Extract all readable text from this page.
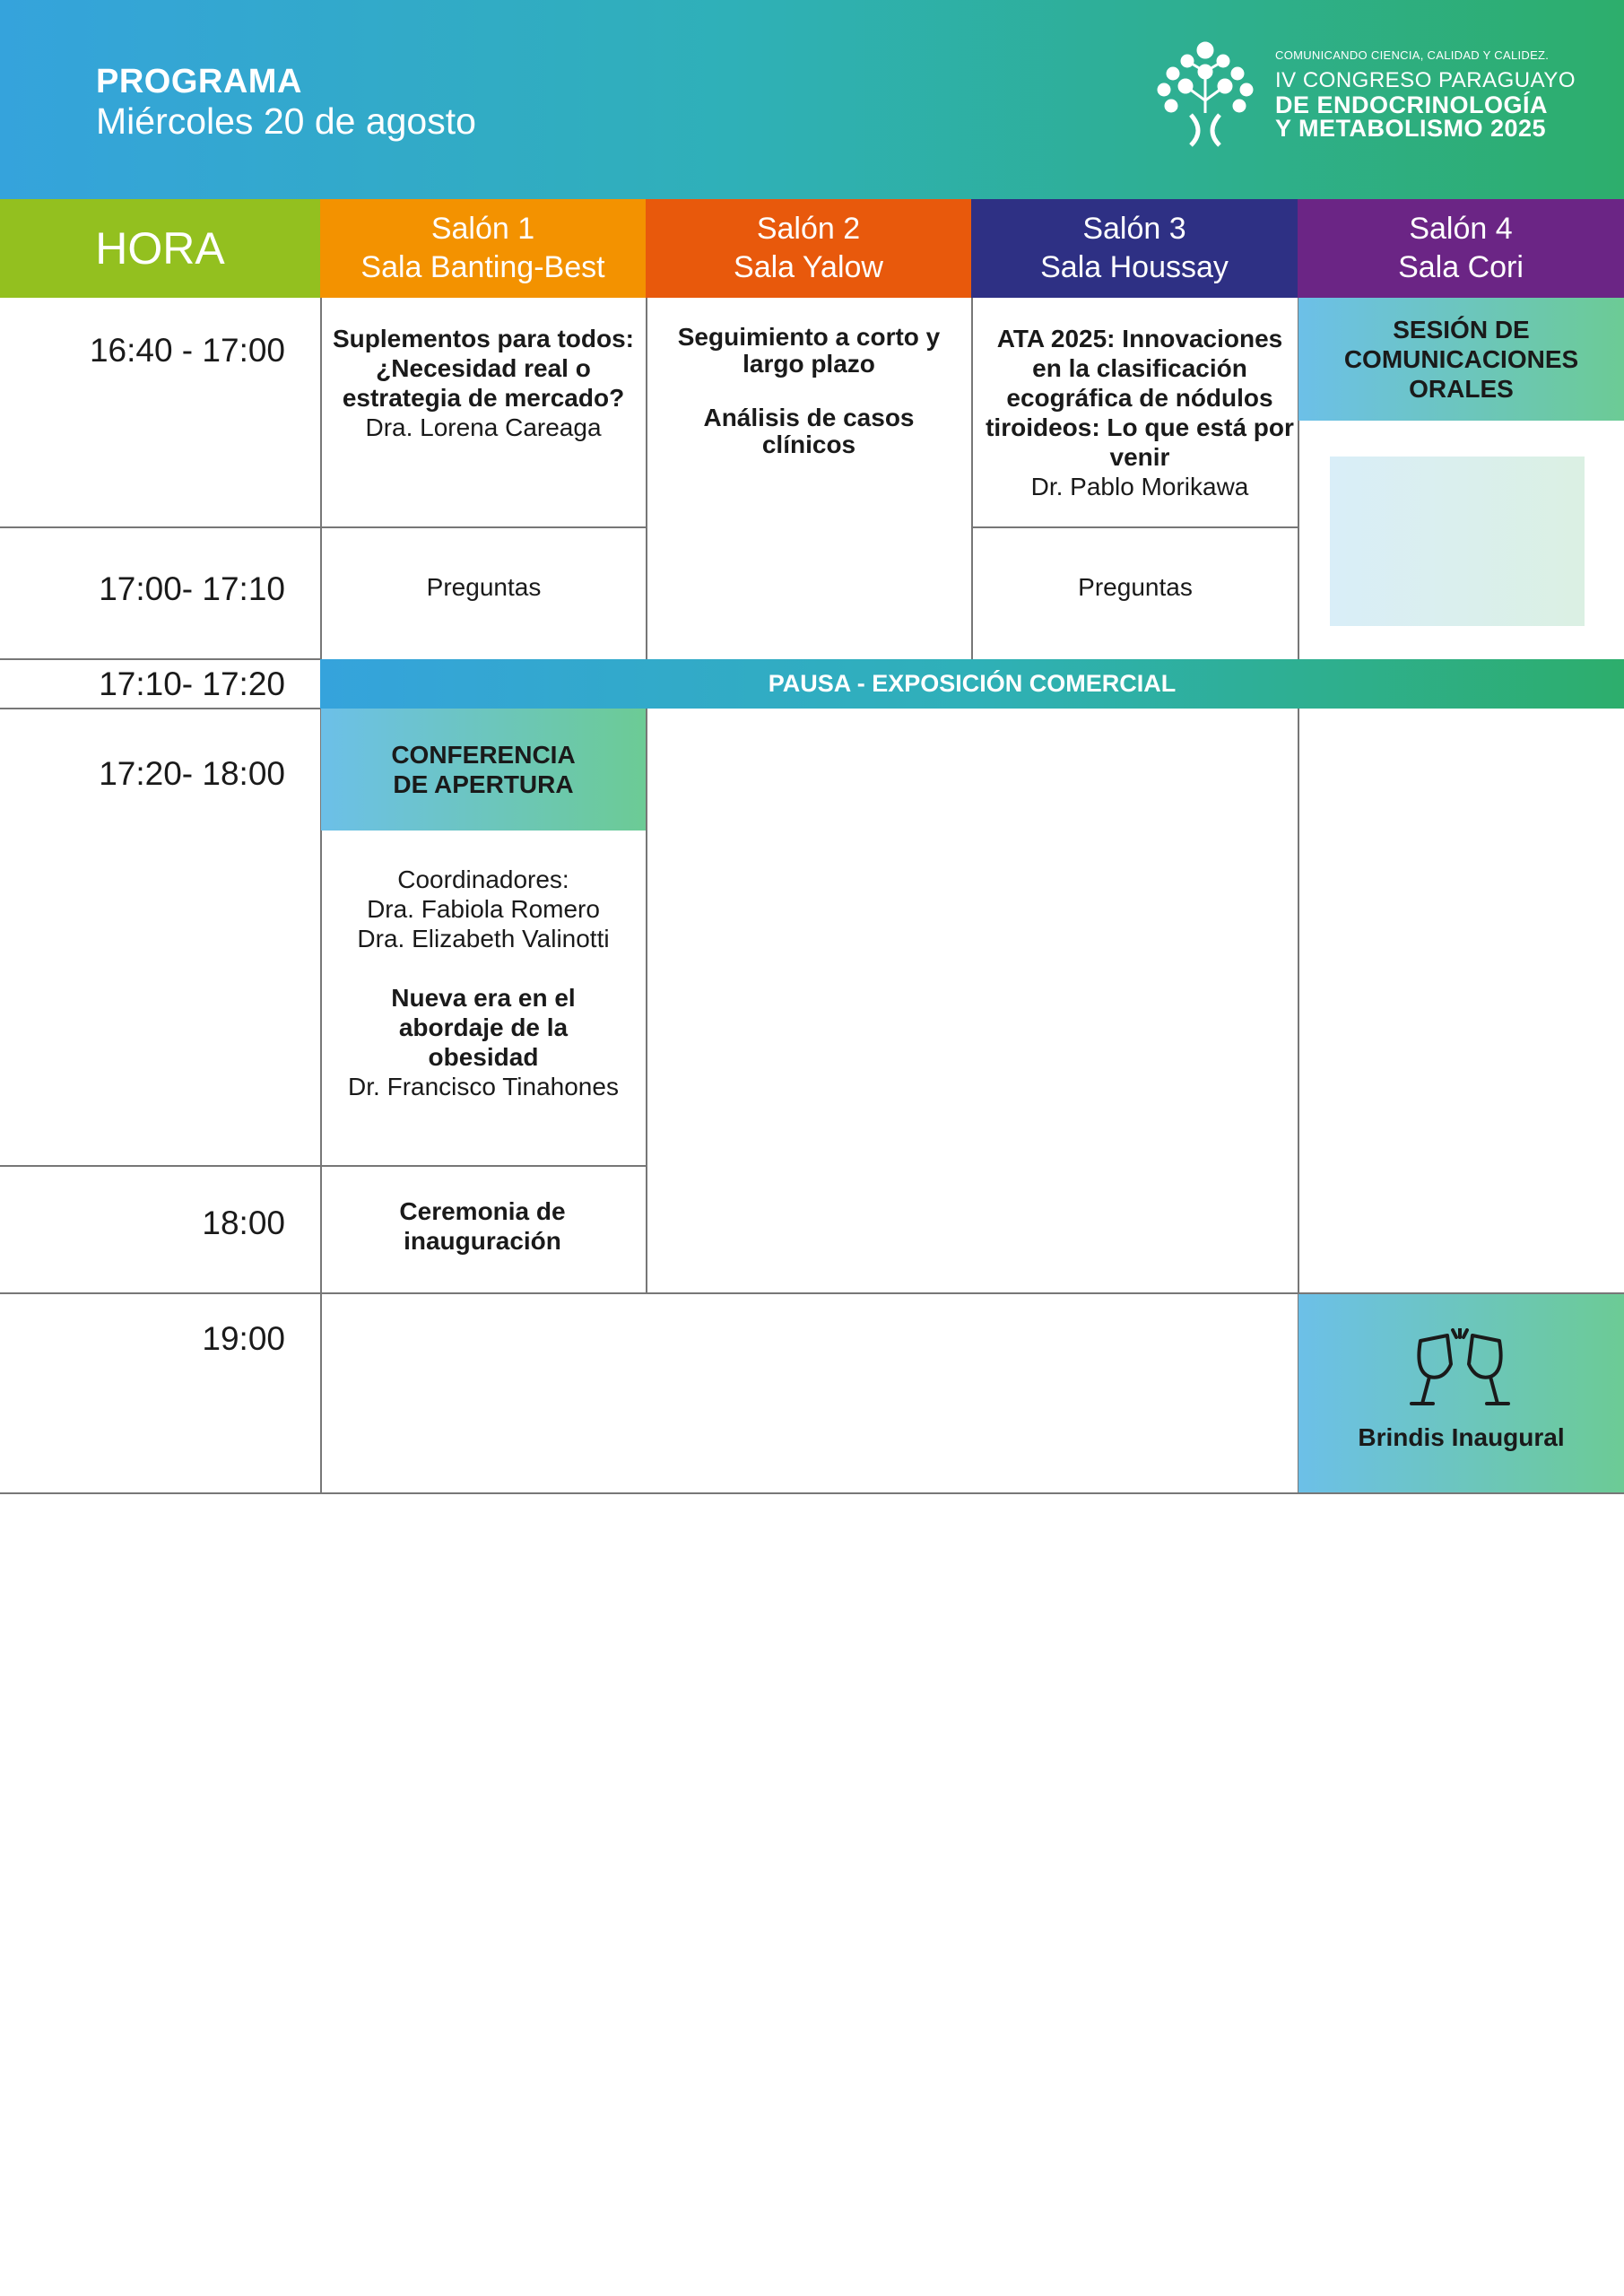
PROGRAMA
Miércoles 20 de agosto
COMUNICANDO CIENCIA, CALIDAD Y CALIDEZ.
IV CONGRESO PARAGUAYO
DE ENDOCRINOLOGÍA
Y METABOLISMO 2025
HORA	Salón 1
Sala Banting-Best
Salón 2
Sala Yalow
Salón 3
Sala Houssay
Salón 4
Sala Cori
16:40 - 17:00
17:00- 17:10
17:10- 17:20
17:20- 18:00
18:00
19:00
Suplementos para todos: ¿Necesidad real o estrategia de mercado?
Dra. Lorena Careaga
Preguntas
Seguimiento a corto y largo plazo
Análisis de casos clínicos
ATA 2025: Innovaciones en la clasificación ecográfica de nódulos tiroideos: Lo que está por venir
Dr. Pablo Morikawa
Preguntas
SESIÓN DE COMUNICACIONES ORALES
PAUSA - EXPOSICIÓN COMERCIAL
CONFERENCIA DE APERTURA
Coordinadores:
Dra. Fabiola Romero
Dra. Elizabeth Valinotti
Nueva era en el abordaje de la obesidad
Dr. Francisco Tinahones
Ceremonia de inauguración
Brindis Inaugural
